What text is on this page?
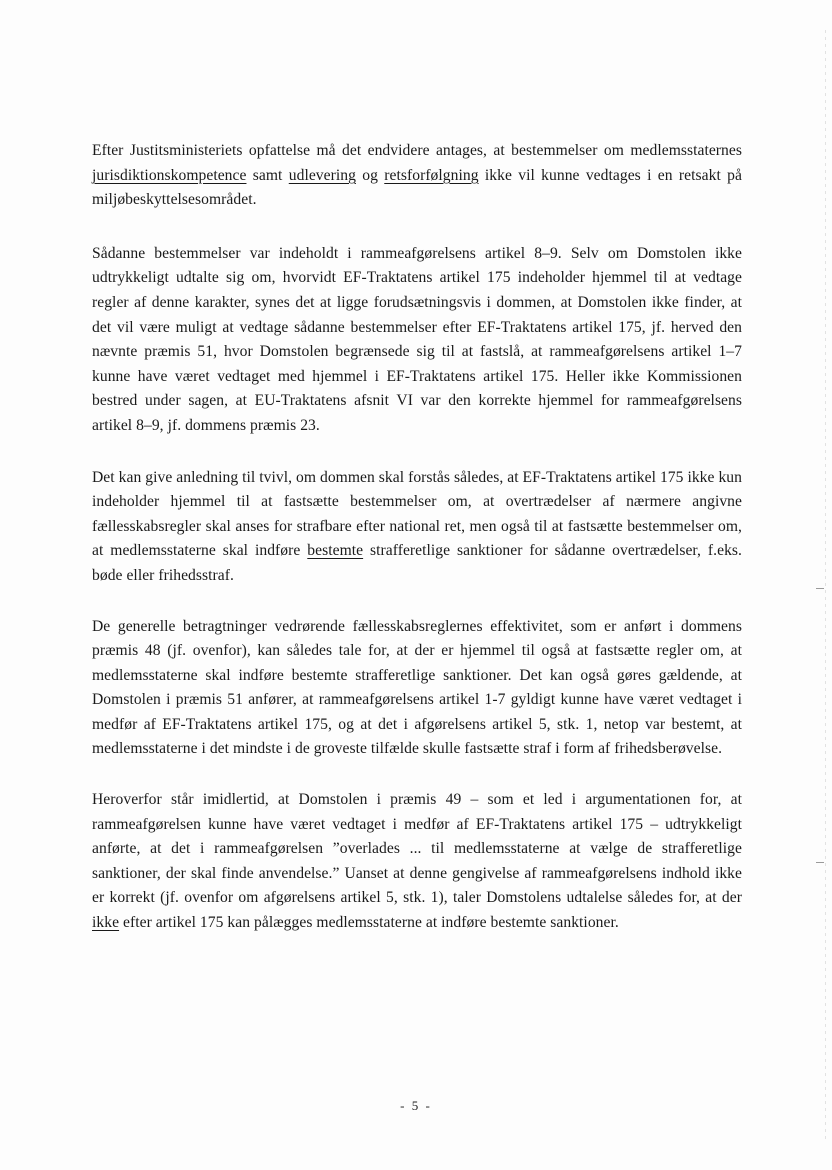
Efter Justitsministeriets opfattelse må det endvidere antages, at bestemmelser om medlemsstaternes jurisdiktionskompetence samt udlevering og retsforfølgning ikke vil kunne vedtages i en retsakt på miljøbeskyttelsesområdet.

Sådanne bestemmelser var indeholdt i rammeafgørelsens artikel 8–9. Selv om Domstolen ikke udtrykkeligt udtalte sig om, hvorvidt EF-Traktatens artikel 175 indeholder hjemmel til at vedtage regler af denne karakter, synes det at ligge forudsætningsvis i dommen, at Domstolen ikke finder, at det vil være muligt at vedtage sådanne bestemmelser efter EF-Traktatens artikel 175, jf. herved den nævnte præmis 51, hvor Domstolen begrænsede sig til at fastslå, at rammeafgørelsens artikel 1–7 kunne have været vedtaget med hjemmel i EF-Traktatens artikel 175. Heller ikke Kommissionen bestred under sagen, at EU-Traktatens afsnit VI var den korrekte hjemmel for rammeafgørelsens artikel 8–9, jf. dommens præmis 23.

Det kan give anledning til tvivl, om dommen skal forstås således, at EF-Traktatens artikel 175 ikke kun indeholder hjemmel til at fastsætte bestemmelser om, at overtrædelser af nærmere angivne fællesskabsregler skal anses for strafbare efter national ret, men også til at fastsætte bestemmelser om, at medlemsstaterne skal indføre bestemte strafferetlige sanktioner for sådanne overtrædelser, f.eks. bøde eller frihedsstraf.

De generelle betragtninger vedrørende fællesskabsreglernes effektivitet, som er anført i dommens præmis 48 (jf. ovenfor), kan således tale for, at der er hjemmel til også at fastsætte regler om, at medlemsstaterne skal indføre bestemte strafferetlige sanktioner. Det kan også gøres gældende, at Domstolen i præmis 51 anfører, at rammeafgørelsens artikel 1-7 gyldigt kunne have været vedtaget i medfør af EF-Traktatens artikel 175, og at det i afgørelsens artikel 5, stk. 1, netop var bestemt, at medlemsstaterne i det mindste i de groveste tilfælde skulle fastsætte straf i form af frihedsberøvelse.

Heroverfor står imidlertid, at Domstolen i præmis 49 – som et led i argumentationen for, at rammeafgørelsen kunne have været vedtaget i medfør af EF-Traktatens artikel 175 – udtrykkeligt anførte, at det i rammeafgørelsen ”overlades ... til medlemsstaterne at vælge de strafferetlige sanktioner, der skal finde anvendelse.” Uanset at denne gengivelse af rammeafgørelsens indhold ikke er korrekt (jf. ovenfor om afgørelsens artikel 5, stk. 1), taler Domstolens udtalelse således for, at der ikke efter artikel 175 kan pålægges medlemsstaterne at indføre bestemte sanktioner.

- 5 -
